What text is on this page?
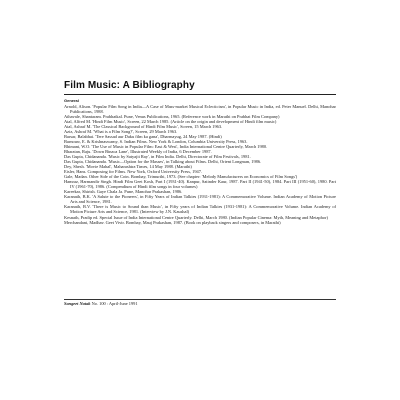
Film Music: A Bibliography
General
Arnold, Alison. 'Popular Film Song in India—A Case of Mass-market Musical Eclecticism', in Popular Music in India, ed. Peter Manuel. Delhi, Manohar Publications, 1988.
Athavale, Shantaram. Prabhatkal. Pune, Venus Publications, 1965. (Reference work in Marathi on Prabhat Film Company)
Atal, Alfred M. 'Hindi Film Music', Screen, 22 March 1985. (Article on the origin and development of Hindi film music)
Atal, Ashraf M. 'The Classical Background of Hindi Film Music', Screen, 15 March 1963.
Aziz, Ashraf M. 'What is a Film Song?', Screen, 29 March 1963.
Barsar, Balabhai. 'Tere Sassad aur Daku film ka gana', Dharmayug, 24 May 1987. (Hindi)
Barnouw, E. & Krishnaswamy, S. Indian Films. New York & London, Columbia University Press, 1963.
Bhimani, W.O. 'The Use of Music in Popular Film: East & West', India International Centre Quarterly, March 1980.
Bharatan, Raju. 'Down Binaca Lane', Illustrated Weekly of India, 6 December 1987.
Das Gupta, Chidananda. 'Music by Satyajit Ray', in Film India. Delhi, Directorate of Film Festivals, 1981.
Das Gupta, Chidananda. 'Music—Option for the Masses', in Talking about Films. Delhi, Orient Longman, 1986.
Dey, Shesh. 'Movie Mahal', Maharashtra Times, 14 May 1988. (Marathi)
Eisler, Hans. Composing for Films. New York, Oxford University Press, 1947.
Gale, Madan. Other Side of the Coin. Bombay, Trimurthi, 1973. (See chapter: 'Melody Manufacturers on Economics of Film Songs')
Hamraz, Harmandir Singh. Hindi Film Geet Kosh, Part I (1931-40). Kanpur, Satinder Kaur, 1987. Part II (1941-50), 1984. Part III (1951-60), 1980. Part IV (1961-70), 1986. (Compendium of Hindi film songs in four volumes)
Kareekar, Shirish. Gaye Chala Ja. Pune, Manohar Prakashan, 1986.
Karanath, B.K. 'A Salute to the Pioneers', in Fifty Years of Indian Talkies (1931-1981): A Commemorative Volume. Indian Academy of Motion Picture Arts and Science, 1981.
Karanath, B.V. 'There is Music to Sound than Music', in Fifty years of Indian Talkies (1931-1981): A Commemorative Volume. Indian Academy of Motion Picture Arts and Science, 1981. (Interview by J.N. Kaushal)
Kesnath, Pradip ed. Special Issue of India International Centre Quarterly. Delhi, March 1980. (Indian Popular Cinema: Myth, Meaning and Metaphor)
Merchandani, Madhav. Geet Vivir. Bombay, Mauj Prakashan, 1987. (Book on playback singers and composers, in Marathi)
Sangeet Natak No. 100 : April-June 1991
